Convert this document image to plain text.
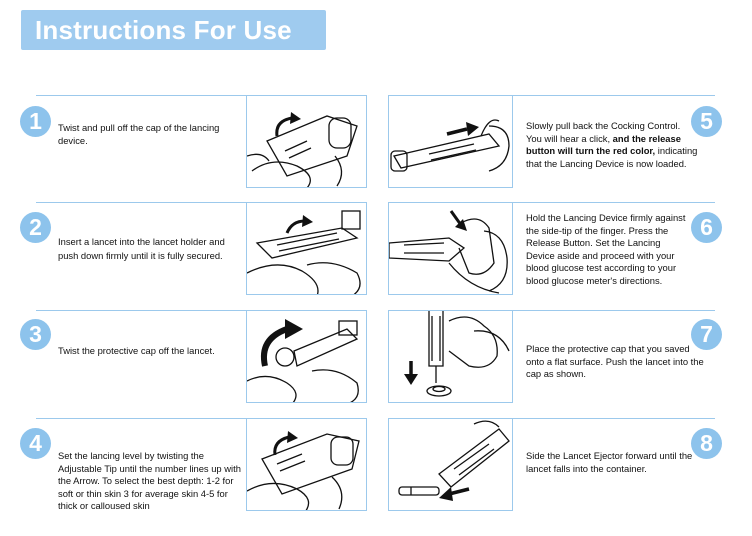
Instructions For Use
1	Twist and pull off the cap of the lancing device.
2
Insert a lancet into the lancet holder and push down firmly until it is fully secured.
3
Twist the protective cap off the lancet.
4	Set the lancing level by twisting the Adjustable Tip until the number lines up with the Arrow. To select the best depth: 1-2 for soft or thin skin 3 for average skin 4-5 for thick or calloused skin
5
Slowly pull back the Cocking Control. You will hear a click, and the release button will turn the red color, indicating that the Lancing Device is now loaded.
6
Hold the Lancing Device firmly against the side-tip of the finger. Press the Release Button. Set the Lancing Device aside and proceed with your blood glucose test according to your blood glucose meter's directions.
7
Place the protective cap that you saved onto a flat surface. Push the lancet into the cap as shown.
8
Side the Lancet Ejector forward until the lancet falls into the container.
